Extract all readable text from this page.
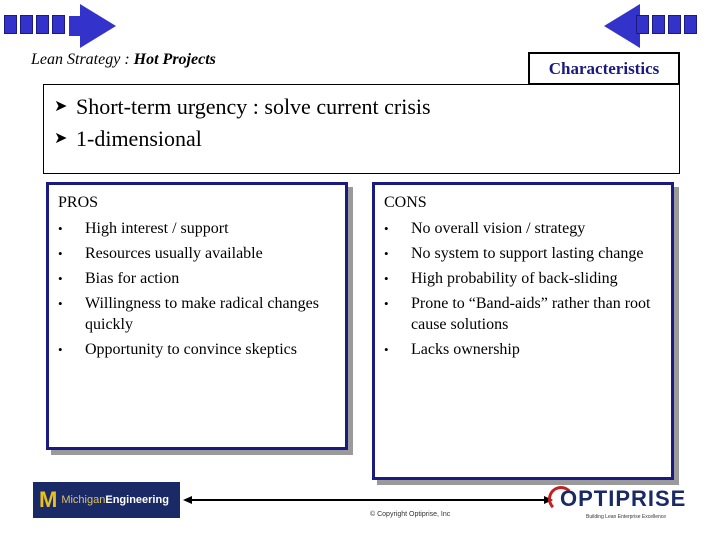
Lean Strategy : Hot Projects	Characteristics
➤ Short-term urgency : solve current crisis
➤ 1-dimensional
PROS
•	High interest / support
•	Resources usually available
•	Bias for action
•	Willingness to make radical changes quickly
•	Opportunity to convince skeptics
CONS
•	No overall vision / strategy
•	No system to support lasting change
•	High probability of back-sliding
•	Prone to “Band-aids” rather than root cause solutions
•	Lacks ownership
M MichiganEngineering
© Copyright Optiprise, Inc
OPTIPRISE
Building Lean Enterprise Excellence
